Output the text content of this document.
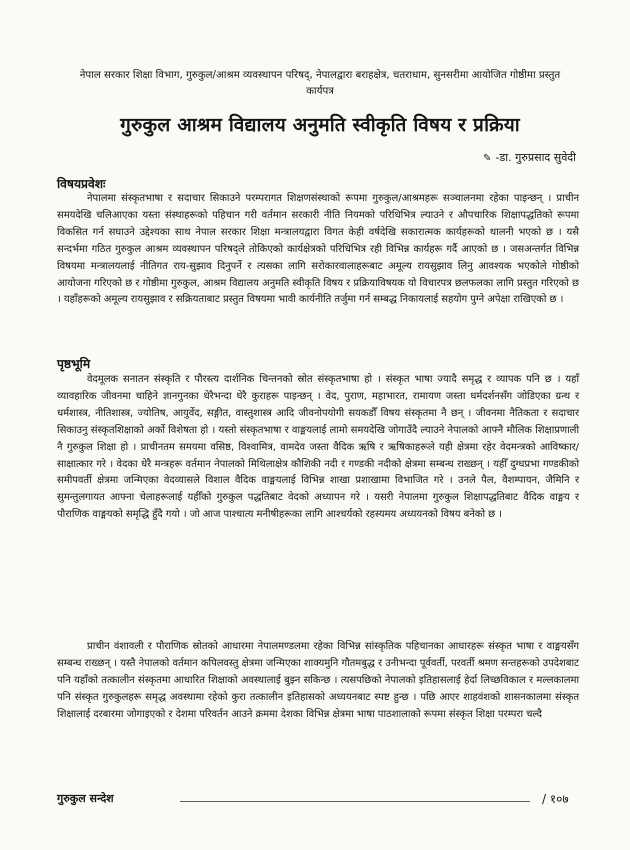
नेपाल सरकार शिक्षा विभाग, गुरुकुल/आश्रम व्यवस्थापन परिषद्, नेपालद्वारा बराहक्षेत्र, चतराधाम, सुनसरीमा आयोजित गोष्ठीमा प्रस्तुत कार्यपत्र

गुरुकुल आश्रम विद्यालय अनुमति स्वीकृति विषय र प्रक्रिया

✎ -डा. गुरुप्रसाद सुवेदी

विषयप्रवेशः

नेपालमा संस्कृतभाषा र सदाचार सिकाउने परम्परागत शिक्षणसंस्थाको रूपमा गुरुकुल/आश्रमहरू सञ्चालनमा रहेका पाइन्छन् । प्राचीन समयदेखि चलिआएका यस्ता संस्थाहरूको पहिचान गरी वर्तमान सरकारी नीति नियमको परिधिभित्र ल्याउने र औपचारिक शिक्षापद्धतिको रूपमा विकसित गर्न सघाउने उद्देश्यका साथ नेपाल सरकार शिक्षा मन्त्रालयद्वारा विगत केही वर्षदेखि सकारात्मक कार्यहरूको थालनी भएको छ । यसै सन्दर्भमा गठित गुरुकुल आश्रम व्यवस्थापन परिषद्ले तोकिएको कार्यक्षेत्रको परिधिभित्र रही विभिन्न कार्यहरू गर्दै आएको छ । जसअन्तर्गत विभिन्न विषयमा मन्त्रालयलाई नीतिगत राय-सुझाव दिनुपर्ने र त्यसका लागि सरोकारवालाहरूबाट अमूल्य रायसुझाव लिनु आवश्यक भएकोले गोष्ठीको आयोजना गरिएको छ र गोष्ठीमा गुरुकुल, आश्रम विद्यालय अनुमति स्वीकृति विषय र प्रक्रियाविषयक यो विचारपत्र छलफलका लागि प्रस्तुत गरिएको छ । यहाँहरूको अमूल्य रायसुझाव र सक्रियताबाट प्रस्तुत विषयमा भावी कार्यनीति तर्जुमा गर्न सम्बद्ध निकायलाई सहयोग पुग्ने अपेक्षा राखिएको छ ।

पृष्ठभूमि

वेदमूलक सनातन संस्कृति र पौरस्त्य दार्शनिक चिन्तनको स्रोत संस्कृतभाषा हो । संस्कृत भाषा ज्यादै समृद्ध र व्यापक पनि छ । यहाँ व्यावहारिक जीवनमा चाहिने ज्ञानगुनका धेरैभन्दा धेरै कुराहरू पाइन्छन् । वेद, पुराण, महाभारत, रामायण जस्ता धर्मदर्शनसँग जोडिएका ग्रन्थ र धर्मशास्त्र, नीतिशास्त्र, ज्योतिष, आयुर्वेद, सङ्गीत, वास्तुशास्त्र आदि जीवनोपयोगी सयकडौँ विषय संस्कृतमा नै छन् । जीवनमा नैतिकता र सदाचार सिकाउनु संस्कृतशिक्षाको अर्को विशेषता हो । यस्तो संस्कृतभाषा र वाङ्मयलाई लामो समयदेखि जोगाउँदै ल्याउने नेपालको आफ्नै मौलिक शिक्षाप्रणाली नै गुरुकुल शिक्षा हो । प्राचीनतम समयमा वसिष्ठ, विश्वामित्र, वामदेव जस्ता वैदिक ऋषि र ऋषिकाहरूले यही क्षेत्रमा रहेर वेदमन्त्रको आविष्कार/साक्षात्कार गरे । वेदका धेरै मन्त्रहरू वर्तमान नेपालको मिथिलाक्षेत्र कौशिकी नदी र गण्डकी नदीको क्षेत्रमा सम्बन्ध राख्छन् । यहीँ दुग्धप्रभा गण्डकीको समीपवर्ती क्षेत्रमा जन्मिएका वेदव्यासले विशाल वैदिक वाङ्मयलाई विभिन्न शाखा प्रशाखामा विभाजित गरे । उनले पैल, वैशम्पायन, जैमिनि र सुमन्तुलगायत आफ्ना चेलाहरूलाई यहीँको गुरुकुल पद्धतिबाट वेदको अध्यापन गरे । यसरी नेपालमा गुरुकुल शिक्षापद्धतिबाट वैदिक वाङ्मय र पौराणिक वाङ्मयको समृद्धि हुँदै गयो । जो आज पाश्चात्य मनीषीहरूका लागि आश्चर्यको रहस्यमय अध्ययनको विषय बनेको छ ।

प्राचीन वंशावली र पौराणिक स्रोतको आधारमा नेपालमण्डलमा रहेका विभिन्न सांस्कृतिक पहिचानका आधारहरू संस्कृत भाषा र वाङ्मयसँग सम्बन्ध राख्छन् । यस्तै नेपालको वर्तमान कपिलवस्तु क्षेत्रमा जन्मिएका शाक्यमुनि गौतमबुद्ध र उनीभन्दा पूर्ववर्ती, परवर्ती श्रमण सन्तहरूको उपदेशबाट पनि यहाँको तत्कालीन संस्कृतमा आधारित शिक्षाको अवस्थालाई बुझ्न सकिन्छ । त्यसपछिको नेपालको इतिहासलाई हेर्दा लिच्छविकाल र मल्लकालमा पनि संस्कृत गुरुकुलहरू समृद्ध अवस्थामा रहेको कुरा तत्कालीन इतिहासको अध्ययनबाट स्पष्ट हुन्छ । पछि आएर शाहवंशको शासनकालमा संस्कृत शिक्षालाई दरबारमा जोगाइएको र देशमा परिवर्तन आउने क्रममा देशका विभिन्न क्षेत्रमा भाषा पाठशालाको रूपमा संस्कृत शिक्षा परम्परा चल्दै

गुरुकुल सन्देश	/ १०७
